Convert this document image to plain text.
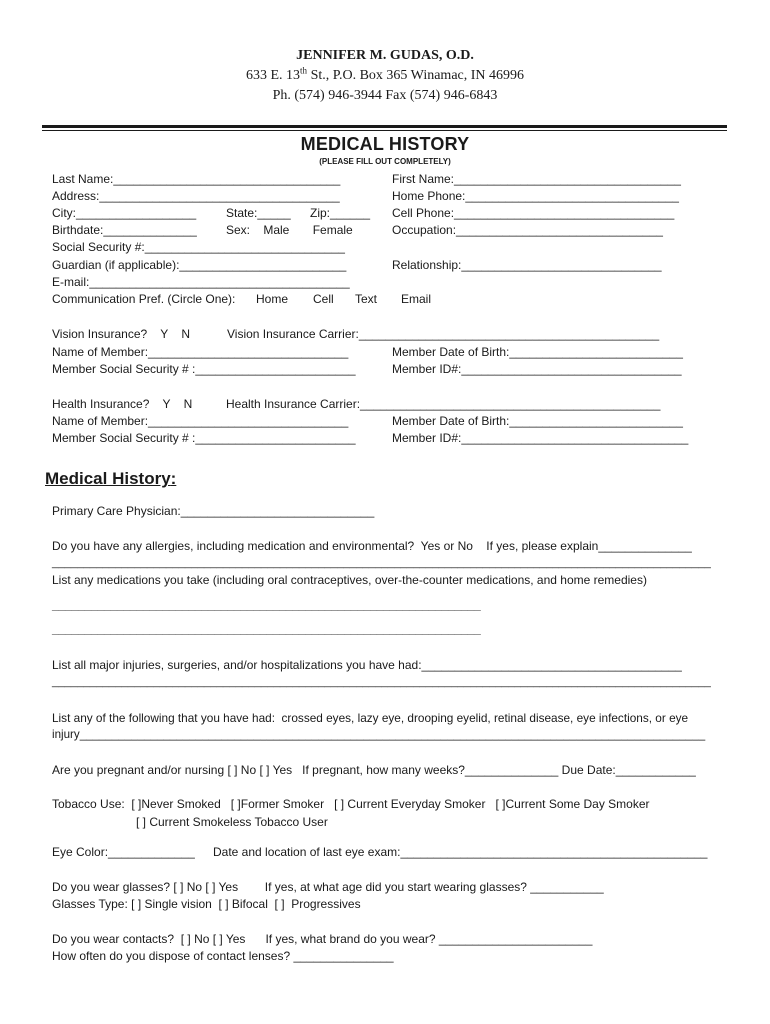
JENNIFER M. GUDAS, O.D.
633 E. 13th St., P.O. Box 365 Winamac, IN 46996
Ph. (574) 946-3944 Fax (574) 946-6843
MEDICAL HISTORY
(PLEASE FILL OUT COMPLETELY)
Last Name:__________________________________	First Name:__________________________________
Address:____________________________________	Home Phone:________________________________
City:__________________ State:_____ Zip:______ Cell Phone:_________________________________
Birthdate:______________ Sex:    Male       Female	Occupation:_______________________________
Social Security #:______________________________
Guardian (if applicable):_________________________	Relationship:______________________________
E-mail:_______________________________________
Communication Pref. (Circle One): Home Cell Text Email
Vision Insurance?    Y    N	Vision Insurance Carrier:_____________________________________________
Name of Member:______________________________	Member Date of Birth:__________________________
Member Social Security # :________________________	Member ID#:_________________________________
Health Insurance?    Y    N	Health Insurance Carrier:_____________________________________________
Name of Member:______________________________	Member Date of Birth:__________________________
Member Social Security # :________________________	Member ID#:__________________________________
Medical History:
Primary Care Physician:_____________________________
Do you have any allergies, including medication and environmental?  Yes or No    If yes, please explain______________
________________________________________________________________________________________________________
List any medications you take (including oral contraceptives, over-the-counter medications, and home remedies)
__________________________________________________________________
__________________________________________________________________
List all major injuries, surgeries, and/or hospitalizations you have had:_______________________________________
________________________________________________________________________________________________________
List any of the following that you have had:  crossed eyes, lazy eye, drooping eyelid, retinal disease, eye infections, or eye
injury_________________________________________________________________________________________________
Are you pregnant and/or nursing [ ] No [ ] Yes   If pregnant, how many weeks?______________ Due Date:____________
Tobacco Use:  [ ]Never Smoked   [ ]Former Smoker   [ ] Current Everyday Smoker   [ ]Current Some Day Smoker
[ ] Current Smokeless Tobacco User
Eye Color:_____________ Date and location of last eye exam:______________________________________________
Do you wear glasses? [ ] No [ ] Yes        If yes, at what age did you start wearing glasses? ___________
Glasses Type: [ ] Single vision  [ ] Bifocal  [ ]  Progressives
Do you wear contacts?  [ ] No [ ] Yes      If yes, what brand do you wear? _______________________
How often do you dispose of contact lenses? _______________
